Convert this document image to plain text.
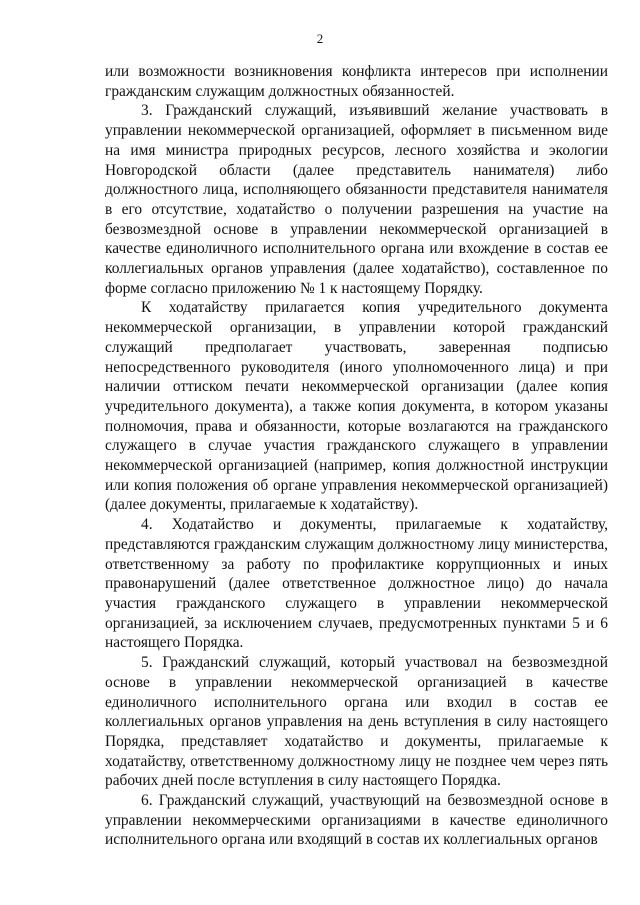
2

или возможности возникновения конфликта интересов при исполнении гражданским служащим должностных обязанностей.

3. Гражданский служащий, изъявивший желание участвовать в управлении некоммерческой организацией, оформляет в письменном виде на имя министра природных ресурсов, лесного хозяйства и экологии Новгородской области (далее представитель нанимателя) либо должностного лица, исполняющего обязанности представителя нанимателя в его отсутствие, ходатайство о получении разрешения на участие на безвозмездной основе в управлении некоммерческой организацией в качестве единоличного исполнительного органа или вхождение в состав ее коллегиальных органов управления (далее ходатайство), составленное по форме согласно приложению № 1 к настоящему Порядку.

К ходатайству прилагается копия учредительного документа некоммерческой организации, в управлении которой гражданский служащий предполагает участвовать, заверенная подписью непосредственного руководителя (иного уполномоченного лица) и при наличии оттиском печати некоммерческой организации (далее копия учредительного документа), а также копия документа, в котором указаны полномочия, права и обязанности, которые возлагаются на гражданского служащего в случае участия гражданского служащего в управлении некоммерческой организацией (например, копия должностной инструкции или копия положения об органе управления некоммерческой организацией) (далее документы, прилагаемые к ходатайству).

4. Ходатайство и документы, прилагаемые к ходатайству, представляются гражданским служащим должностному лицу министерства, ответственному за работу по профилактике коррупционных и иных правонарушений (далее ответственное должностное лицо) до начала участия гражданского служащего в управлении некоммерческой организацией, за исключением случаев, предусмотренных пунктами 5 и 6 настоящего Порядка.

5. Гражданский служащий, который участвовал на безвозмездной основе в управлении некоммерческой организацией в качестве единоличного исполнительного органа или входил в состав ее коллегиальных органов управления на день вступления в силу настоящего Порядка, представляет ходатайство и документы, прилагаемые к ходатайству, ответственному должностному лицу не позднее чем через пять рабочих дней после вступления в силу настоящего Порядка.

6. Гражданский служащий, участвующий на безвозмездной основе в управлении некоммерческими организациями в качестве единоличного исполнительного органа или входящий в состав их коллегиальных органов
